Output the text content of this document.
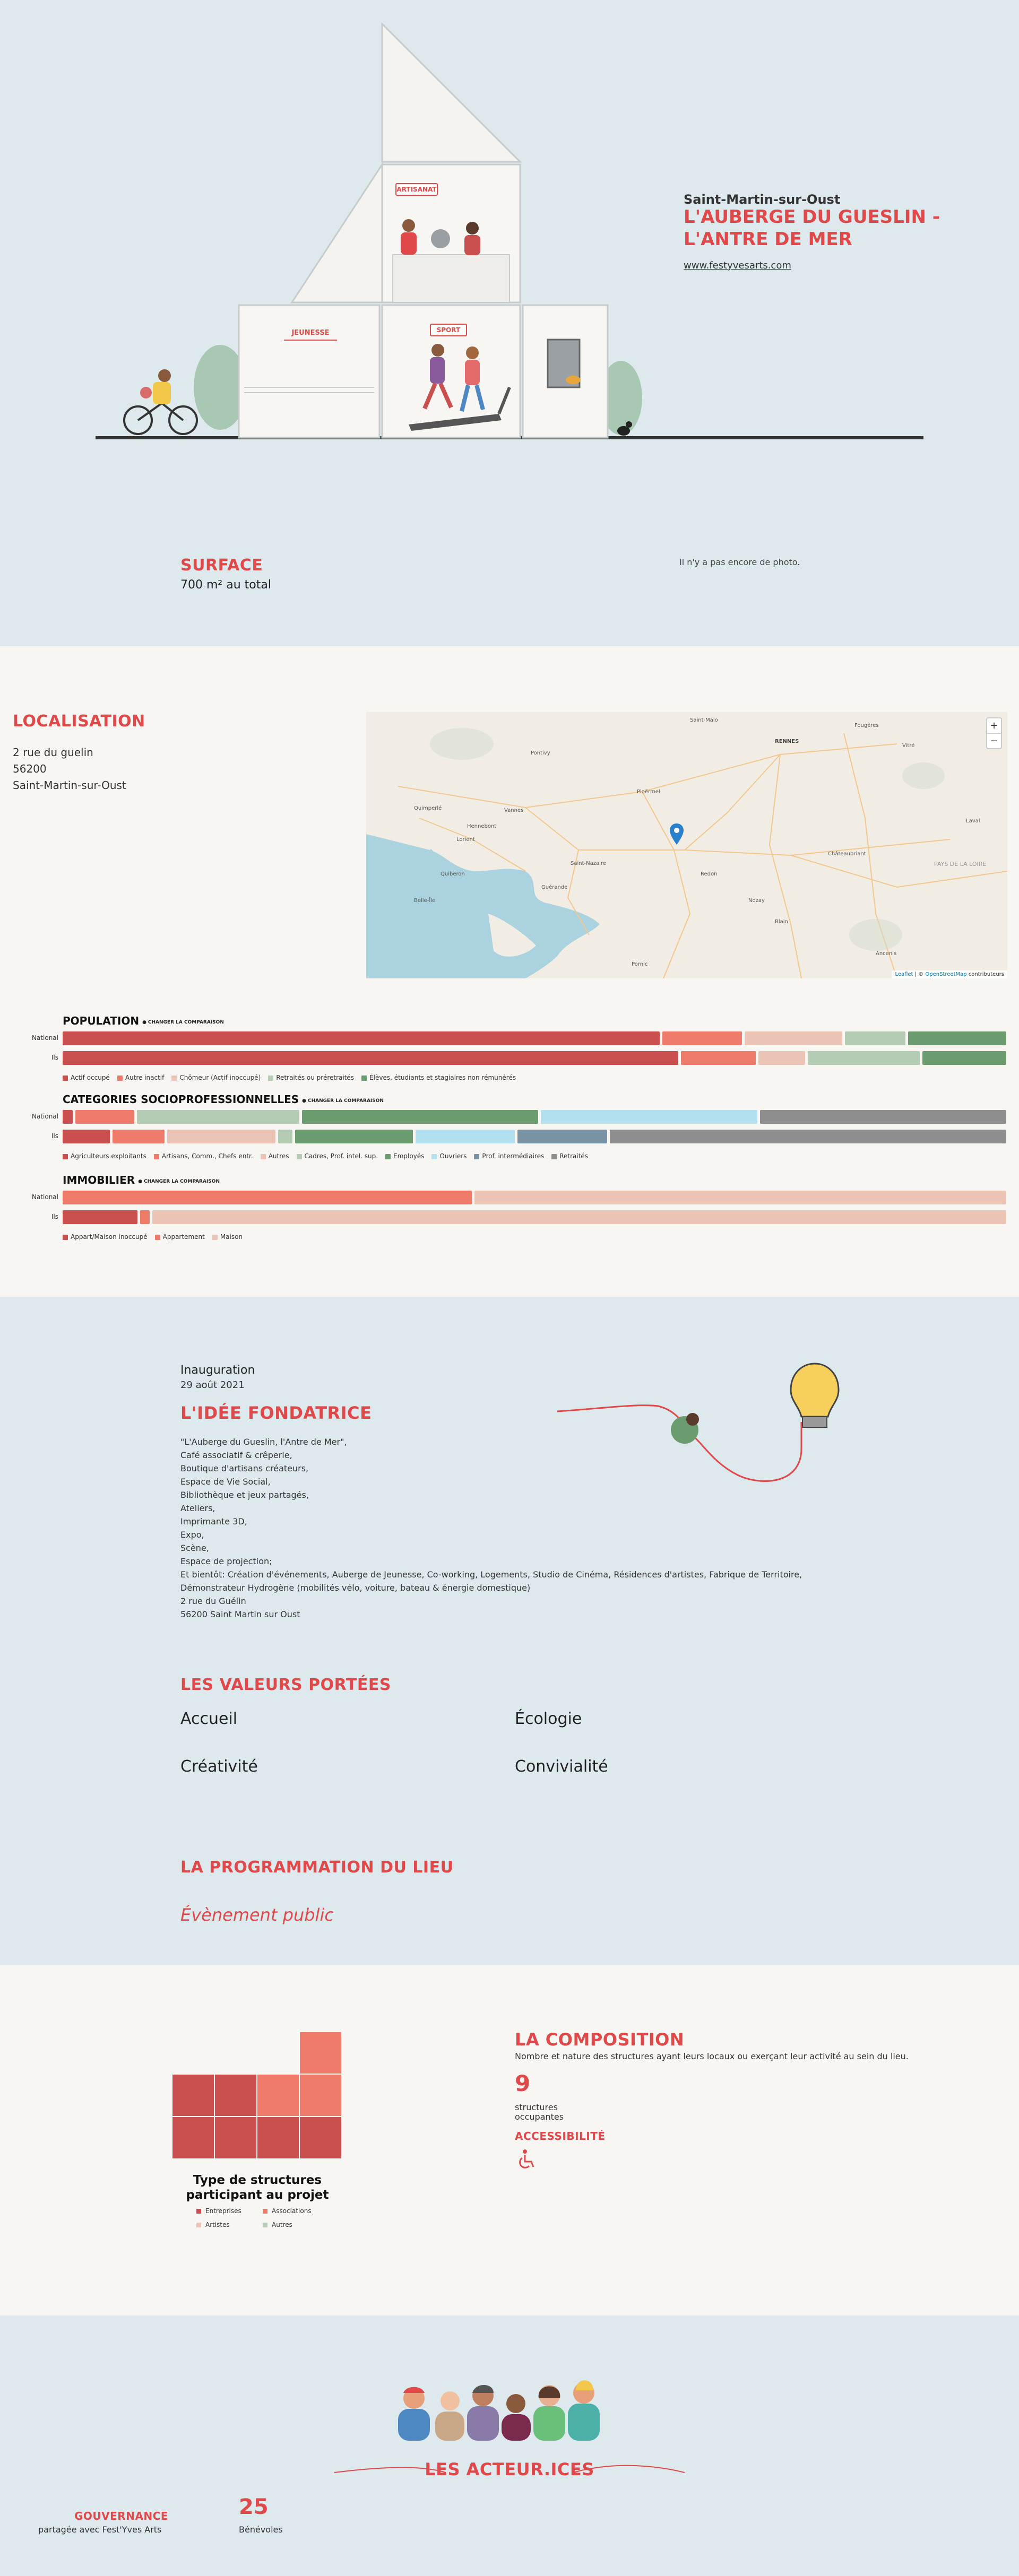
ARTISANAT
JEUNESSE	SPORT
Saint-Martin-sur-Oust
L'AUBERGE DU GUESLIN -
L'ANTRE DE MER
www.festyvesarts.com
SURFACE
700 m² au total
Il n'y a pas encore de photo.
LOCALISATION
2 rue du guelin
56200
Saint-Martin-sur-Oust
RENNES
Vannes
Lorient
Quimperlé
Hennebont
Ploërmel
Redon
Pontivy
Châteaubriant
Saint-Nazaire
Vitré
Fougères
Laval
Quiberon
Belle-Île
Guérande
Ancenis
PAYS DE LA LOIRE
Pornic
Blain
Nozay
Saint-Malo	+
−
Leaflet | © OpenStreetMap contributeurs
POPULATION ● CHANGER LA COMPARAISON
National
Ils
Actif occupé	Autre inactif	Chômeur (Actif inoccupé)	Retraités ou préretraités	Élèves, étudiants et stagiaires non rémunérés
CATEGORIES SOCIOPROFESSIONNELLES ● CHANGER LA COMPARAISON
National
Ils
Agriculteurs exploitants	Artisans, Comm., Chefs entr.	Autres	Cadres, Prof. intel. sup.	Employés	Ouvriers	Prof. intermédiaires	Retraités
IMMOBILIER ● CHANGER LA COMPARAISON
National
Ils
Appart/Maison inoccupé	Appartement	Maison
Inauguration
29 août 2021
L'IDÉE FONDATRICE
"L'Auberge du Gueslin, l'Antre de Mer",
Café associatif & crêperie,
Boutique d'artisans créateurs,
Espace de Vie Social,
Bibliothèque et jeux partagés,
Ateliers,
Imprimante 3D,
Expo,
Scène,
Espace de projection;
Et bientôt: Création d'événements, Auberge de Jeunesse, Co-working, Logements, Studio de Cinéma, Résidences d'artistes, Fabrique de Territoire,
Démonstrateur Hydrogène (mobilités vélo, voiture, bateau & énergie domestique)
2 rue du Guélin
56200 Saint Martin sur Oust
LES VALEURS PORTÉES
Accueil	Écologie
Créativité	Convivialité
LA PROGRAMMATION DU LIEU
Évènement public
Type de structures
participant au projet
Entreprises	Associations
Artistes	Autres
LA COMPOSITION
Nombre et nature des structures ayant leurs locaux ou exerçant leur activité au sein du lieu.
9
structures
occupantes
ACCESSIBILITÉ
LES ACTEUR.ICES
GOUVERNANCE
partagée avec Fest'Yves Arts
25
Bénévoles
